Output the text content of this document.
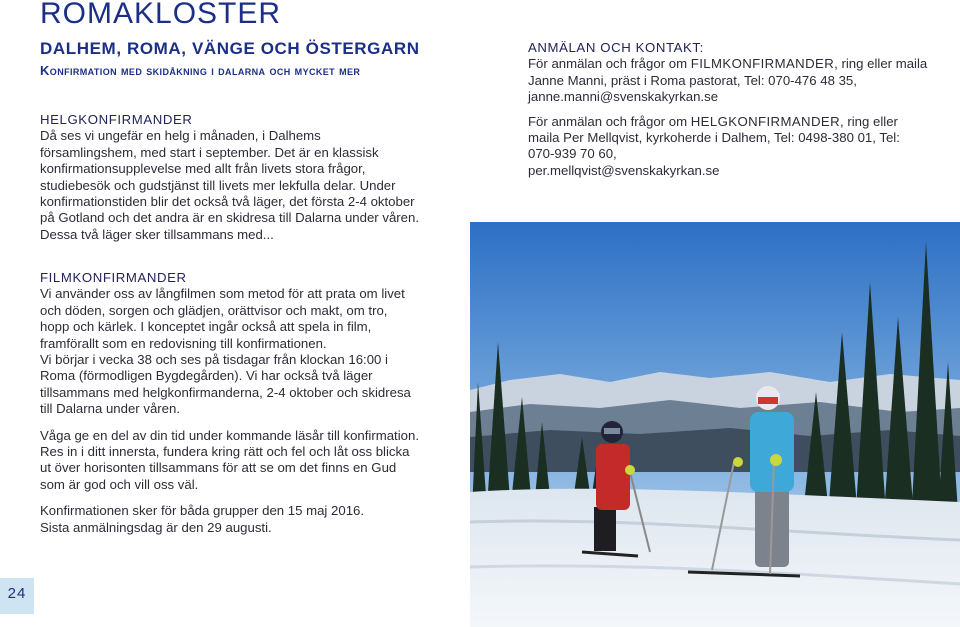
ROMAKLOSTER
DALHEM, ROMA, VÄNGE OCH ÖSTERGARN
Konfirmation med skidåkning i dalarna och mycket mer

HELGKONFIRMANDER

Då ses vi ungefär en helg i månaden, i Dalhems församlingshem, med start i september. Det är en klassisk konfirmationsupplevelse med allt från livets stora frågor, studiebesök och gudstjänst till livets mer lekfulla delar. Under konfirmationstiden blir det också två läger, det första 2-4 oktober på Gotland och det andra är en skidresa till Dalarna under våren. Dessa två läger sker tillsammans med...

FILMKONFIRMANDER

Vi använder oss av långfilmen som metod för att prata om livet och döden, sorgen och glädjen, orättvisor och makt, om tro, hopp och kärlek. I konceptet ingår också att spela in film, framförallt som en redovisning till konfirmationen.

Vi börjar i vecka 38 och ses på tisdagar från klockan 16:00 i Roma (förmodligen Bygdegården). Vi har också två läger tillsammans med helgkonfirmanderna, 2-4 oktober och skidresa till Dalarna under våren.

Våga ge en del av din tid under kommande läsår till konfirmation. Res in i ditt innersta, fundera kring rätt och fel och låt oss blicka ut över horisonten tillsammans för att se om det finns en Gud som är god och vill oss väl.

Konfirmationen sker för båda grupper den 15 maj 2016.

Sista anmälningsdag är den 29 augusti.

ANMÄLAN OCH KONTAKT:

För anmälan och frågor om FILMKONFIRMANDER, ring eller maila Janne Manni, präst i Roma pastorat, Tel: 070-476 48 35,

janne.manni@svenskakyrkan.se

För anmälan och frågor om HELGKONFIRMANDER, ring eller maila Per Mellqvist, kyrkoherde i Dalhem, Tel: 0498-380 01, Tel: 070-939 70 60,

per.mellqvist@svenskakyrkan.se

24
